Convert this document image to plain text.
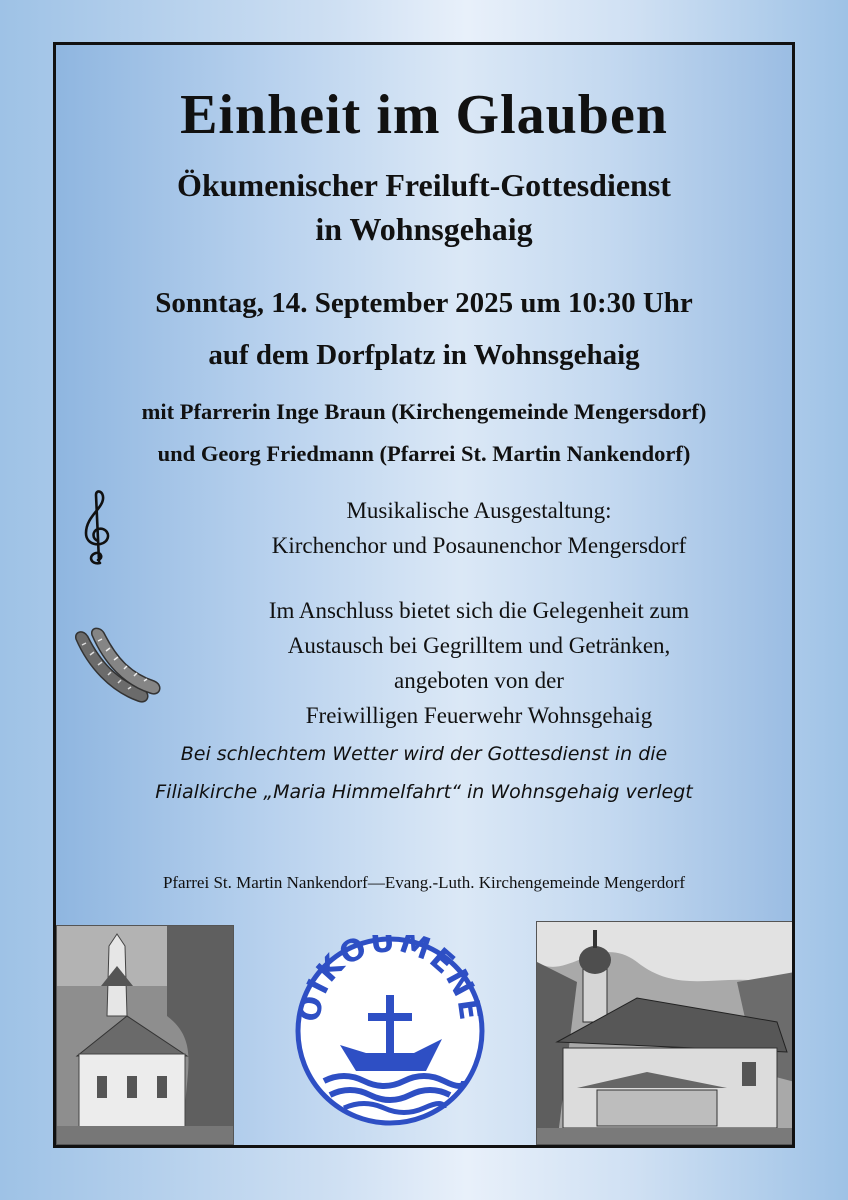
Einheit im Glauben
Ökumenischer Freiluft-Gottesdienst
in Wohnsgehaig
Sonntag, 14. September 2025 um 10:30 Uhr
auf dem Dorfplatz in Wohnsgehaig
mit Pfarrerin Inge Braun (Kirchengemeinde Mengersdorf)
und Georg Friedmann (Pfarrei St. Martin Nankendorf)
Musikalische Ausgestaltung:
Kirchenchor und Posaunenchor Mengersdorf
Im Anschluss bietet sich die Gelegenheit zum
Austausch bei Gegrilltem und Getränken,
angeboten von der
Freiwilligen Feuerwehr Wohnsgehaig
Bei schlechtem Wetter wird der Gottesdienst in die
Filialkirche „Maria Himmelfahrt“ in Wohnsgehaig verlegt
Pfarrei St. Martin Nankendorf—Evang.-Luth. Kirchengemeinde Mengerdorf
OIKOUMENE
